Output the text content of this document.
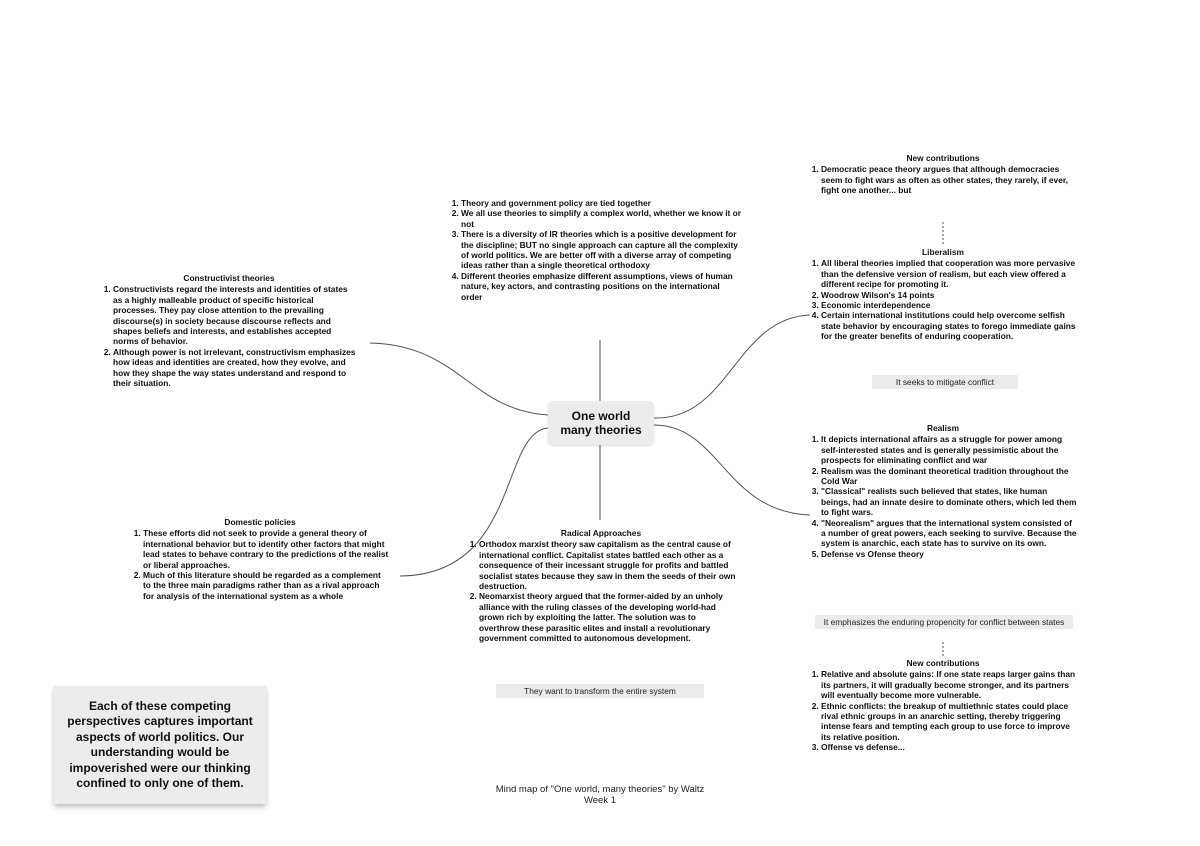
One world many theories
1. Theory and government policy are tied together
2. We all use theories to simplify a complex world, whether we know it or not
3. There is a diversity of IR theories which is a positive development for the discipline; BUT no single approach can capture all the complexity of world politics. We are better off with a diverse array of competing ideas rather than a single theoretical orthodoxy
4. Different theories emphasize different assumptions, views of human nature, key actors, and contrasting positions on the international order
Constructivist theories
1. Constructivists regard the interests and identities of states as a highly malleable product of specific historical processes. They pay close attention to the prevailing discourse(s) in society because discourse reflects and shapes beliefs and interests, and establishes accepted norms of behavior.
2. Although power is not irrelevant, constructivism emphasizes how ideas and identities are created, how they evolve, and how they shape the way states understand and respond to their situation.
Domestic policies
1. These efforts did not seek to provide a general theory of international behavior but to identify other factors that might lead states to behave contrary to the predictions of the realist or liberal approaches.
2. Much of this literature should be regarded as a complement to the three main paradigms rather than as a rival approach for analysis of the international system as a whole
Radical Approaches
1. Orthodox marxist theory saw capitalism as the central cause of international conflict. Capitalist states battled each other as a consequence of their incessant struggle for profits and battled socialist states because they saw in them the seeds of their own destruction.
2. Neomarxist theory argued that the former-aided by an unholy alliance with the ruling classes of the developing world-had grown rich by exploiting the latter. The solution was to overthrow these parasitic elites and install a revolutionary government committed to autonomous development.
They want to transform the entire system
New contributions
1. Democratic peace theory argues that although democracies seem to fight wars as often as other states, they rarely, if ever, fight one another... but
Liberalism
1. All liberal theories implied that cooperation was more pervasive than the defensive version of realism, but each view offered a different recipe for promoting it.
2. Woodrow Wilson's 14 points
3. Economic interdependence
4. Certain international institutions could help overcome selfish state behavior by encouraging states to forego immediate gains for the greater benefits of enduring cooperation.
It seeks to mitigate conflict
Realism
1. It depicts international affairs as a struggle for power among self-interested states and is generally pessimistic about the prospects for eliminating conflict and war
2. Realism was the dominant theoretical tradition throughout the Cold War
3. "Classical" realists such believed that states, like human beings, had an innate desire to dominate others, which led them to fight wars.
4. "Neorealism" argues that the international system consisted of a number of great powers, each seeking to survive. Because the system is anarchic, each state has to survive on its own.
5. Defense vs Ofense theory
It emphasizes the enduring propencity for conflict between states
New contributions
1. Relative and absolute gains: If one state reaps larger gains than its partners, it will gradually become stronger, and its partners will eventually become more vulnerable.
2. Ethnic conflicts: the breakup of multiethnic states could place rival ethnic groups in an anarchic setting, thereby triggering intense fears and tempting each group to use force to improve its relative position.
3. Offense vs defense...
Each of these competing perspectives captures important aspects of world politics. Our understanding would be impoverished were our thinking confined to only one of them.	Mind map of "One world, many theories" by Waltz
Week 1
